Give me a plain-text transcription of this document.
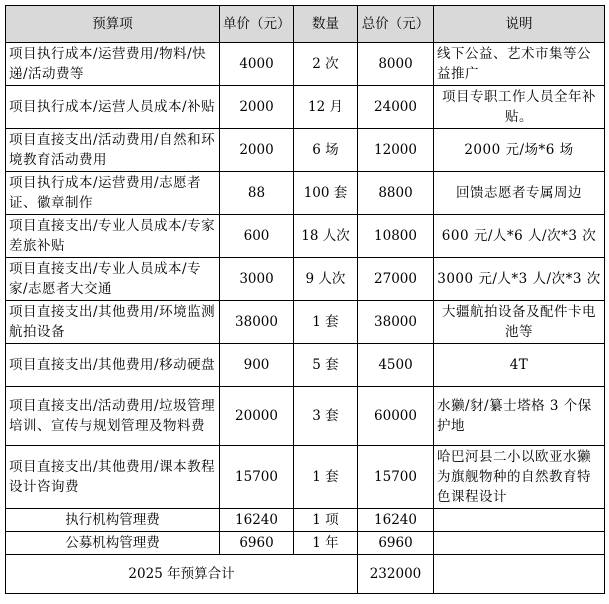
预算项	单价（元）	数量	总价（元）	说明
项目执行成本/运营费用/物料/快递/活动费等	4000	2 次	8000	线下公益、艺术市集等公益推广
项目执行成本/运营人员成本/补贴	2000	12 月	24000	项目专职工作人员全年补贴。
项目直接支出/活动费用/自然和环境教育活动费用	2000	6 场	12000	2000 元/场*6 场
项目执行成本/运营费用/志愿者证、徽章制作	88	100 套	8800	回馈志愿者专属周边
项目直接支出/专业人员成本/专家差旅补贴	600	18 人次	10800	600 元/人*6 人/次*3 次
项目直接支出/专业人员成本/专家/志愿者大交通	3000	9 人次	27000	3000 元/人*3 人/次*3 次
项目直接支出/其他费用/环境监测航拍设备	38000	1 套	38000	大疆航拍设备及配件卡电池等
项目直接支出/其他费用/移动硬盘	900	5 套	4500	4T
项目直接支出/活动费用/垃圾管理培训、宣传与规划管理及物料费	20000	3 套	60000	水獭/豺/纂士塔格 3 个保护地
项目直接支出/其他费用/课本教程设计咨询费	15700	1 套	15700	哈巴河县二小以欧亚水獭为旗舰物种的自然教育特色课程设计
执行机构管理费	16240	1 项	16240	
公募机构管理费	6960	1 年	6960	
2025 年预算合计			232000	
